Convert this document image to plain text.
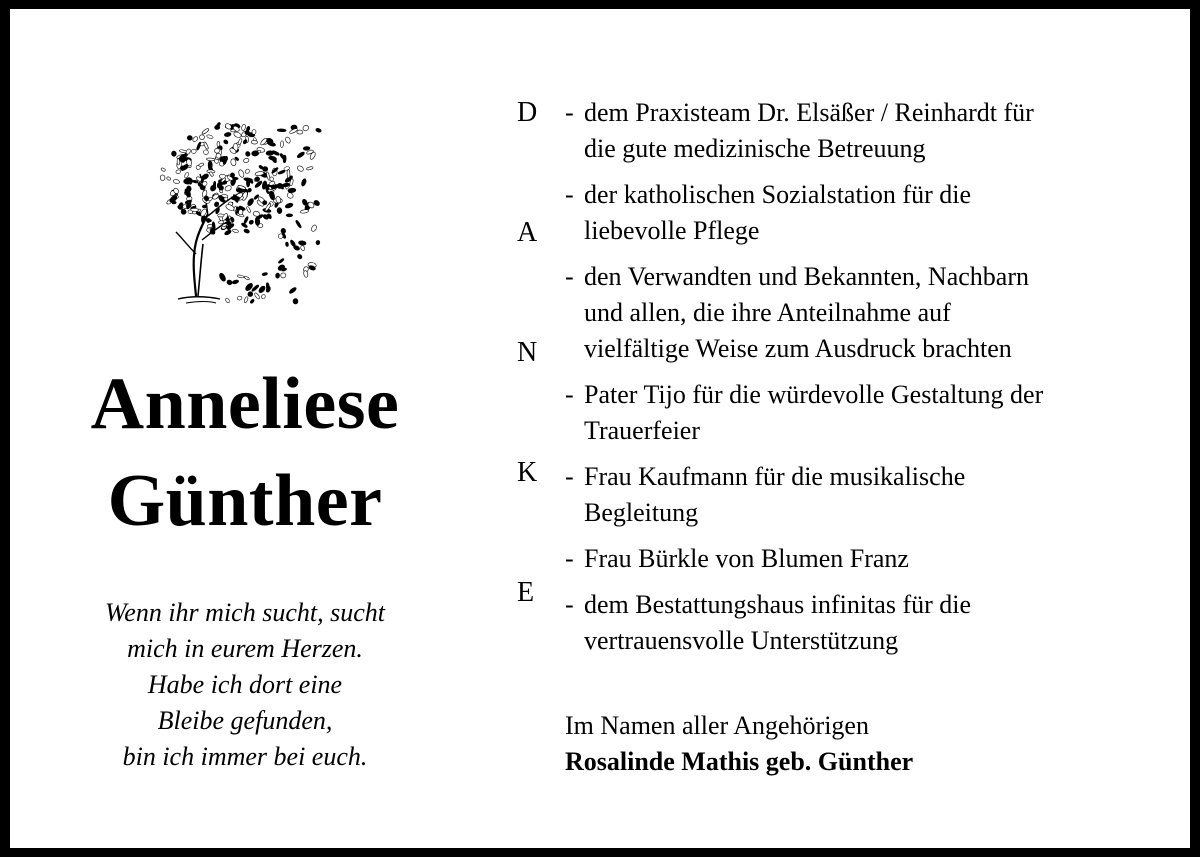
Anneliese
Günther
Wenn ihr mich sucht, sucht
mich in eurem Herzen.
Habe ich dort eine
Bleibe gefunden,
bin ich immer bei euch.
D
A
N
K
E
- dem Praxisteam Dr. Elsäßer / Reinhardt für
die gute medizinische Betreuung
- der katholischen Sozialstation für die
liebevolle Pflege
- den Verwandten und Bekannten, Nachbarn
und allen, die ihre Anteilnahme auf
vielfältige Weise zum Ausdruck brachten
- Pater Tijo für die würdevolle Gestaltung der
Trauerfeier
- Frau Kaufmann für die musikalische
Begleitung
- Frau Bürkle von Blumen Franz
- dem Bestattungshaus infinitas für die
vertrauensvolle Unterstützung
Im Namen aller Angehörigen
Rosalinde Mathis geb. Günther
